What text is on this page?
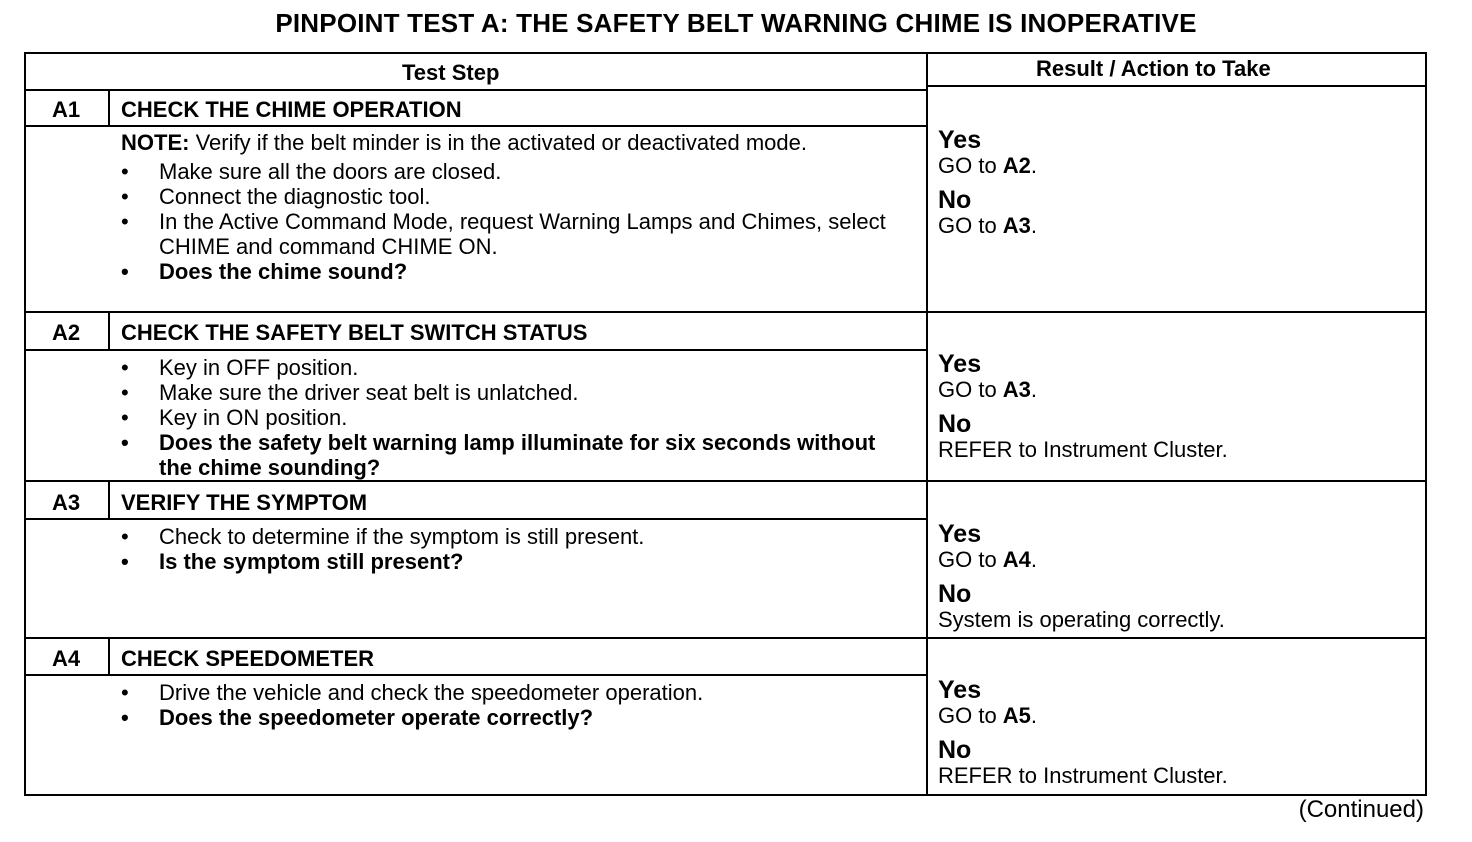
PINPOINT TEST A: THE SAFETY BELT WARNING CHIME IS INOPERATIVE
Test Step	Result / Action to Take
A1	CHECK THE CHIME OPERATION
NOTE: Verify if the belt minder is in the activated or deactivated mode.
• Make sure all the doors are closed.
• Connect the diagnostic tool.
• In the Active Command Mode, request Warning Lamps and Chimes, select CHIME and command CHIME ON.
• Does the chime sound?
Yes
GO to A2.
No
GO to A3.
A2	CHECK THE SAFETY BELT SWITCH STATUS
• Key in OFF position.
• Make sure the driver seat belt is unlatched.
• Key in ON position.
• Does the safety belt warning lamp illuminate for six seconds without the chime sounding?
Yes
GO to A3.
No
REFER to Instrument Cluster.
A3	VERIFY THE SYMPTOM
• Check to determine if the symptom is still present.
• Is the symptom still present?
Yes
GO to A4.
No
System is operating correctly.
A4	CHECK SPEEDOMETER
• Drive the vehicle and check the speedometer operation.
• Does the speedometer operate correctly?
Yes
GO to A5.
No
REFER to Instrument Cluster.
(Continued)
